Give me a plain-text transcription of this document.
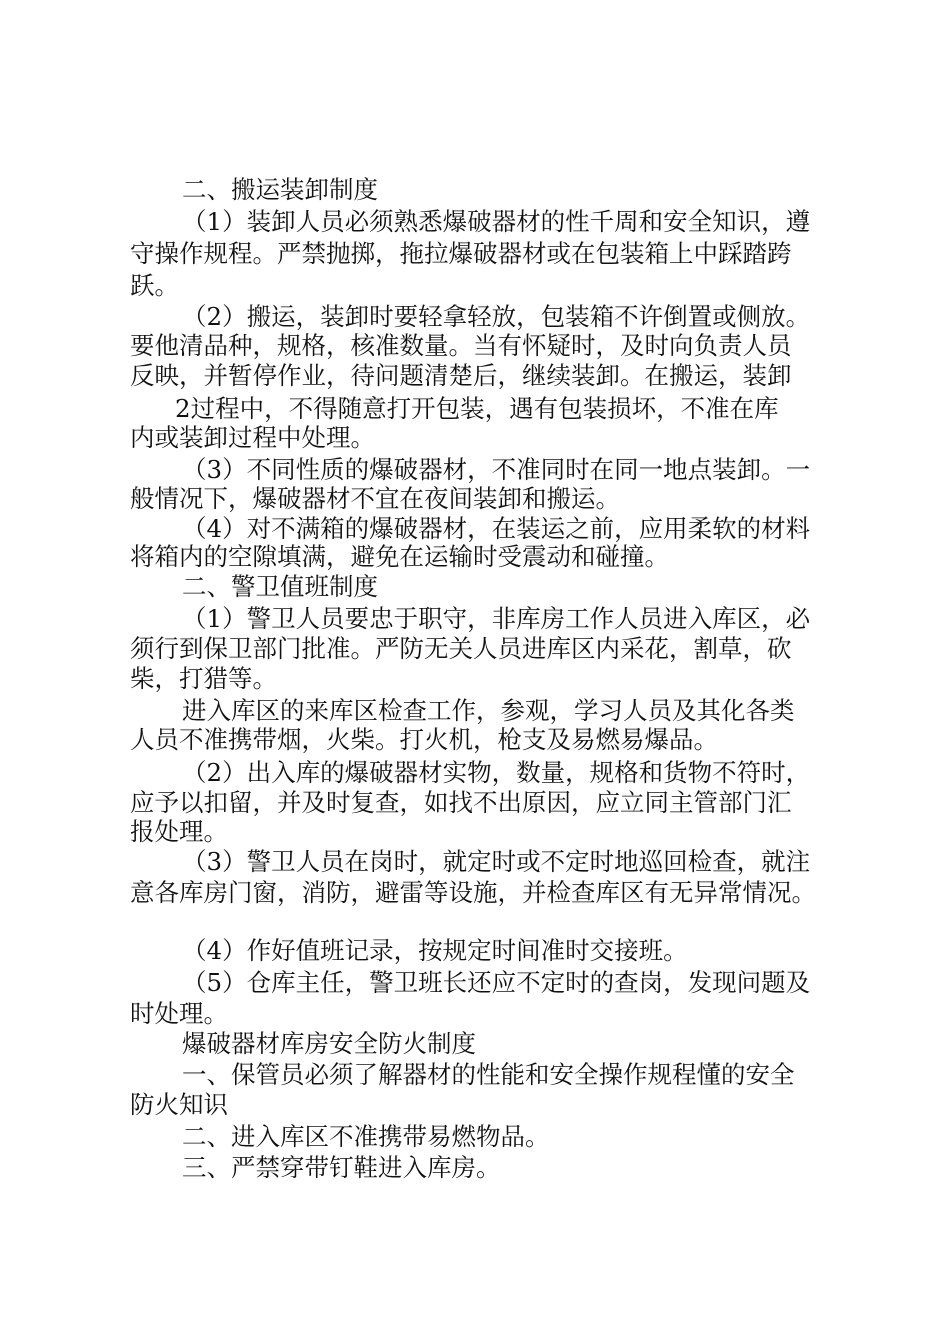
二、搬运装卸制度
（1）装卸人员必须熟悉爆破器材的性千周和安全知识，遵
守操作规程。严禁抛掷，拖拉爆破器材或在包装箱上中踩踏跨
跃。
（2）搬运，装卸时要轻拿轻放，包装箱不许倒置或侧放。
要他清品种，规格，核准数量。当有怀疑时，及时向负责人员
反映，并暂停作业，待问题清楚后，继续装卸。在搬运，装卸
2过程中，不得随意打开包装，遇有包装损坏，不准在库
内或装卸过程中处理。
（3）不同性质的爆破器材，不准同时在同一地点装卸。一
般情况下，爆破器材不宜在夜间装卸和搬运。
（4）对不满箱的爆破器材，在装运之前，应用柔软的材料
将箱内的空隙填满，避免在运输时受震动和碰撞。
二、警卫值班制度
（1）警卫人员要忠于职守，非库房工作人员进入库区，必
须行到保卫部门批准。严防无关人员进库区内采花，割草，砍
柴，打猎等。
进入库区的来库区检查工作，参观，学习人员及其化各类
人员不准携带烟，火柴。打火机，枪支及易燃易爆品。
（2）出入库的爆破器材实物，数量，规格和货物不符时，
应予以扣留，并及时复查，如找不出原因，应立同主管部门汇
报处理。
（3）警卫人员在岗时，就定时或不定时地巡回检查，就注
意各库房门窗，消防，避雷等设施，并检查库区有无异常情况。
（4）作好值班记录，按规定时间准时交接班。
（5）仓库主任，警卫班长还应不定时的查岗，发现问题及
时处理。
爆破器材库房安全防火制度
一、保管员必须了解器材的性能和安全操作规程懂的安全
防火知识
二、进入库区不准携带易燃物品。
三、严禁穿带钉鞋进入库房。
